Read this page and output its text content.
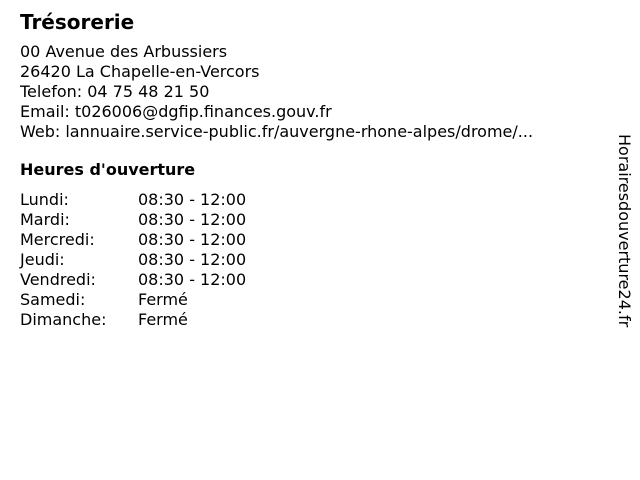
Trésorerie
00 Avenue des Arbussiers
26420 La Chapelle-en-Vercors
Telefon: 04 75 48 21 50
Email: t026006@dgfip.finances.gouv.fr
Web: lannuaire.service-public.fr/auvergne-rhone-alpes/drome/...
Heures d'ouverture
Lundi:	08:30 - 12:00
Mardi:	08:30 - 12:00
Mercredi:	08:30 - 12:00
Jeudi:	08:30 - 12:00
Vendredi:	08:30 - 12:00
Samedi:	Fermé
Dimanche:	Fermé	Horairesdouverture24.fr
